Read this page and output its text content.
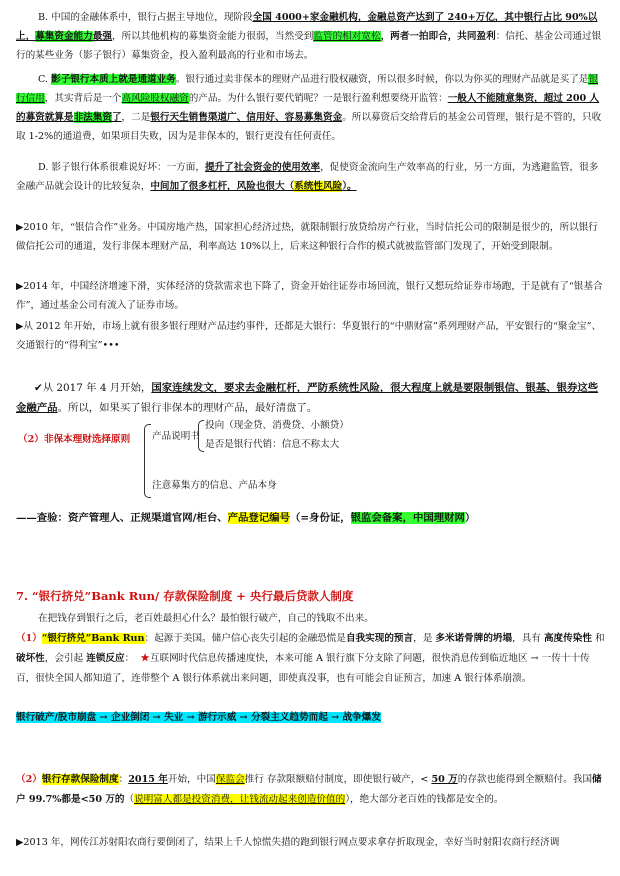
B. 中国的金融体系中，银行占据主导地位，现阶段全国 4000+家金融机构，金融总资产达到了 240+万亿，其中银行占比 90%以上，募集资金能力最强，所以其他机构的募集资金能力很弱，当然受到监管的相对宽松，两者一拍即合，共同盈利：信托、基金公司通过银行的某些业务（影子银行）募集资金，投入盈利最高的行业和市场去。
C. 影子银行本质上就是通道业务。银行通过卖非保本的理财产品进行股权融资，所以很多时候，你以为你买的理财产品就是买了是银行信用，其实背后是一个高风险股权融资的产品。为什么银行要代销呢？一是银行盈利想要绕开监管：一般人不能随意集资，超过 200 人的募资就算是非法集资了，二是银行天生销售渠道广、信用好、容易募集资金。所以募资后交给背后的基金公司管理，银行是不管的，只收取 1-2%的通道费，如果项目失败，因为是非保本的，银行更没有任何责任。
D. 影子银行体系很难说好坏：一方面，提升了社会资金的使用效率，促使资金流向生产效率高的行业，另一方面，为逃避监管，很多金融产品就会设计的比较复杂，中间加了很多杠杆，风险也很大（系统性风险）。
▶2010 年，“银信合作”业务。中国房地产热，国家担心经济过热，就限制银行放贷给房产行业，当时信托公司的限制是很少的，所以银行做信托公司的通道，发行非保本理财产品，利率高达 10%以上，后来这种银行合作的模式就被监管部门发现了，开始受到限制。
▶2014 年，中国经济增速下滑，实体经济的贷款需求也下降了，资金开始往证券市场回流，银行又想玩给证券市场跑，于是就有了“银基合作”，通过基金公司有流入了证券市场。
▶从 2012 年开始，市场上就有很多银行理财产品违约事件，还都是大银行：华夏银行的“中鼎财富”系列理财产品，平安银行的“聚金宝”、交通银行的“得利宝”•••
✔从 2017 年 4 月开始，国家连续发文，要求去金融杠杆，严防系统性风险，很大程度上就是要限制银信、银基、银券这些金融产品。所以，如果买了银行非保本的理财产品，最好清盘了。
（2）非保本理财选择原则 产品说明书
投向（现金贷、消费贷、小额贷）
是否是银行代销：信息不称太大
注意募集方的信息、产品本身
——查验：资产管理人、正规渠道官网/柜台、产品登记编号（=身份证，银监会备案，中国理财网）
7. “银行挤兑”Bank Run/ 存款保险制度 + 央行最后贷款人制度
在把钱存到银行之后，老百姓最担心什么？最怕银行破产，自己的钱取不出来。
（1）“银行挤兑”Bank Run：起源于美国。储户信心丧失引起的金融恐慌是自我实现的预言，是 多米诺骨牌的坍塌，具有 高度传染性 和 破坏性，会引起 连锁反应： ★互联网时代信息传播速度快，本来可能 A 银行旗下分支除了问题，很快消息传到临近地区 → 一传十十传百，很快全国人都知道了，连带整个 A 银行体系就出来问题，即使真没事，也有可能会自证预言，加速 A 银行体系崩溃。
银行破产/股市崩盘 → 企业倒闭 → 失业 → 游行示威 → 分裂主义趋势而起 → 战争爆发
（2）银行存款保险制度：2015 年开始，中国保监会推行 存款限额赔付制度，即使银行破产，< 50 万的存款也能得到全额赔付。我国储户 99.7%都是<50 万的（说明富人都是投资消费，让钱流动起来创造价值的），绝大部分老百姓的钱都是安全的。
▶2013 年，网传江苏射阳农商行要倒闭了，结果上千人惊慌失措的跑到银行网点要求拿存折取现金，幸好当时射阳农商行经济调
